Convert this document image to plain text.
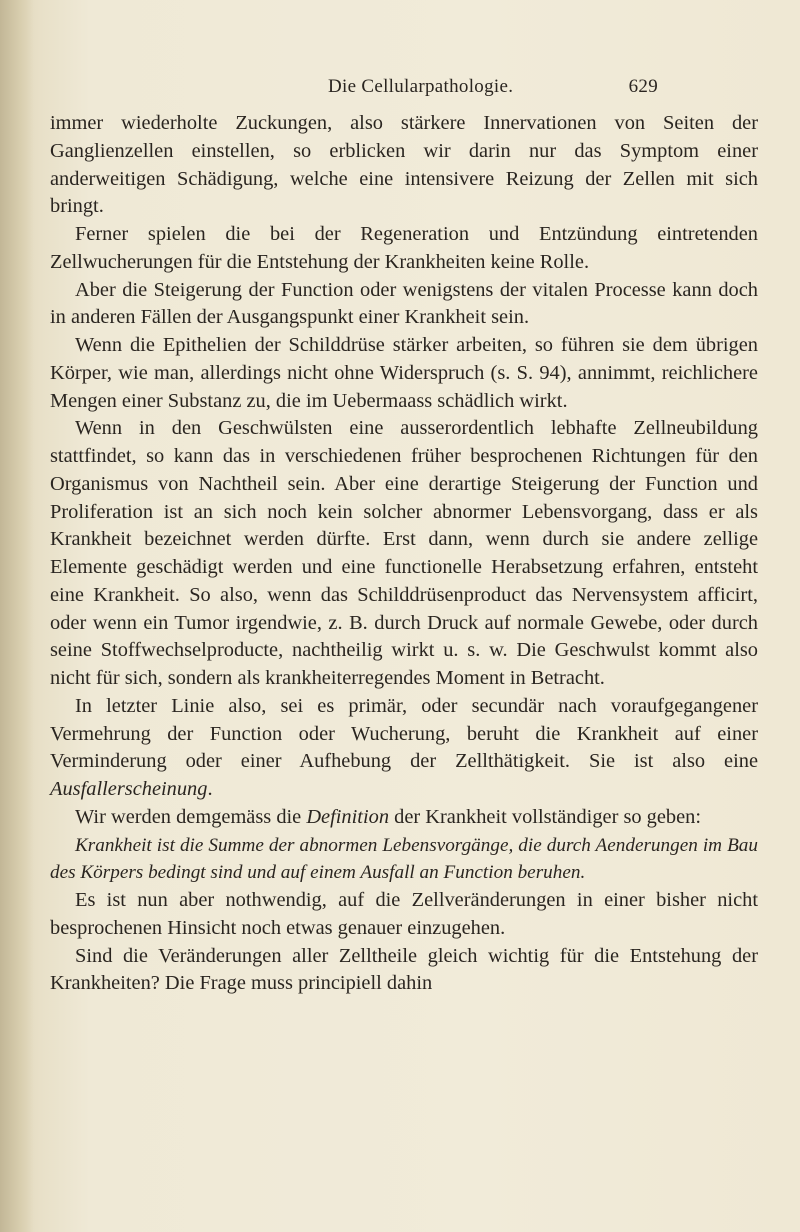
Die Cellularpathologie.	629

immer wiederholte Zuckungen, also stärkere Innervationen von Seiten der Ganglienzellen einstellen, so erblicken wir darin nur das Symptom einer anderweitigen Schädigung, welche eine intensivere Reizung der Zellen mit sich bringt.

Ferner spielen die bei der Regeneration und Entzündung eintretenden Zellwucherungen für die Entstehung der Krankheiten keine Rolle.

Aber die Steigerung der Function oder wenigstens der vitalen Processe kann doch in anderen Fällen der Ausgangspunkt einer Krankheit sein.

Wenn die Epithelien der Schilddrüse stärker arbeiten, so führen sie dem übrigen Körper, wie man, allerdings nicht ohne Widerspruch (s. S. 94), annimmt, reichlichere Mengen einer Substanz zu, die im Uebermaass schädlich wirkt.

Wenn in den Geschwülsten eine ausserordentlich lebhafte Zellneubildung stattfindet, so kann das in verschiedenen früher besprochenen Richtungen für den Organismus von Nachtheil sein. Aber eine derartige Steigerung der Function und Proliferation ist an sich noch kein solcher abnormer Lebensvorgang, dass er als Krankheit bezeichnet werden dürfte. Erst dann, wenn durch sie andere zellige Elemente geschädigt werden und eine functionelle Herabsetzung erfahren, entsteht eine Krankheit. So also, wenn das Schilddrüsenproduct das Nervensystem afficirt, oder wenn ein Tumor irgendwie, z. B. durch Druck auf normale Gewebe, oder durch seine Stoffwechselproducte, nachtheilig wirkt u. s. w. Die Geschwulst kommt also nicht für sich, sondern als krankheiterregendes Moment in Betracht.

In letzter Linie also, sei es primär, oder secundär nach voraufgegangener Vermehrung der Function oder Wucherung, beruht die Krankheit auf einer Verminderung oder einer Aufhebung der Zellthätigkeit. Sie ist also eine Ausfallerscheinung.

Wir werden demgemäss die Definition der Krankheit vollständiger so geben:

Krankheit ist die Summe der abnormen Lebensvorgänge, die durch Aenderungen im Bau des Körpers bedingt sind und auf einem Ausfall an Function beruhen.

Es ist nun aber nothwendig, auf die Zellveränderungen in einer bisher nicht besprochenen Hinsicht noch etwas genauer einzugehen.

Sind die Veränderungen aller Zelltheile gleich wichtig für die Entstehung der Krankheiten? Die Frage muss principiell dahin
